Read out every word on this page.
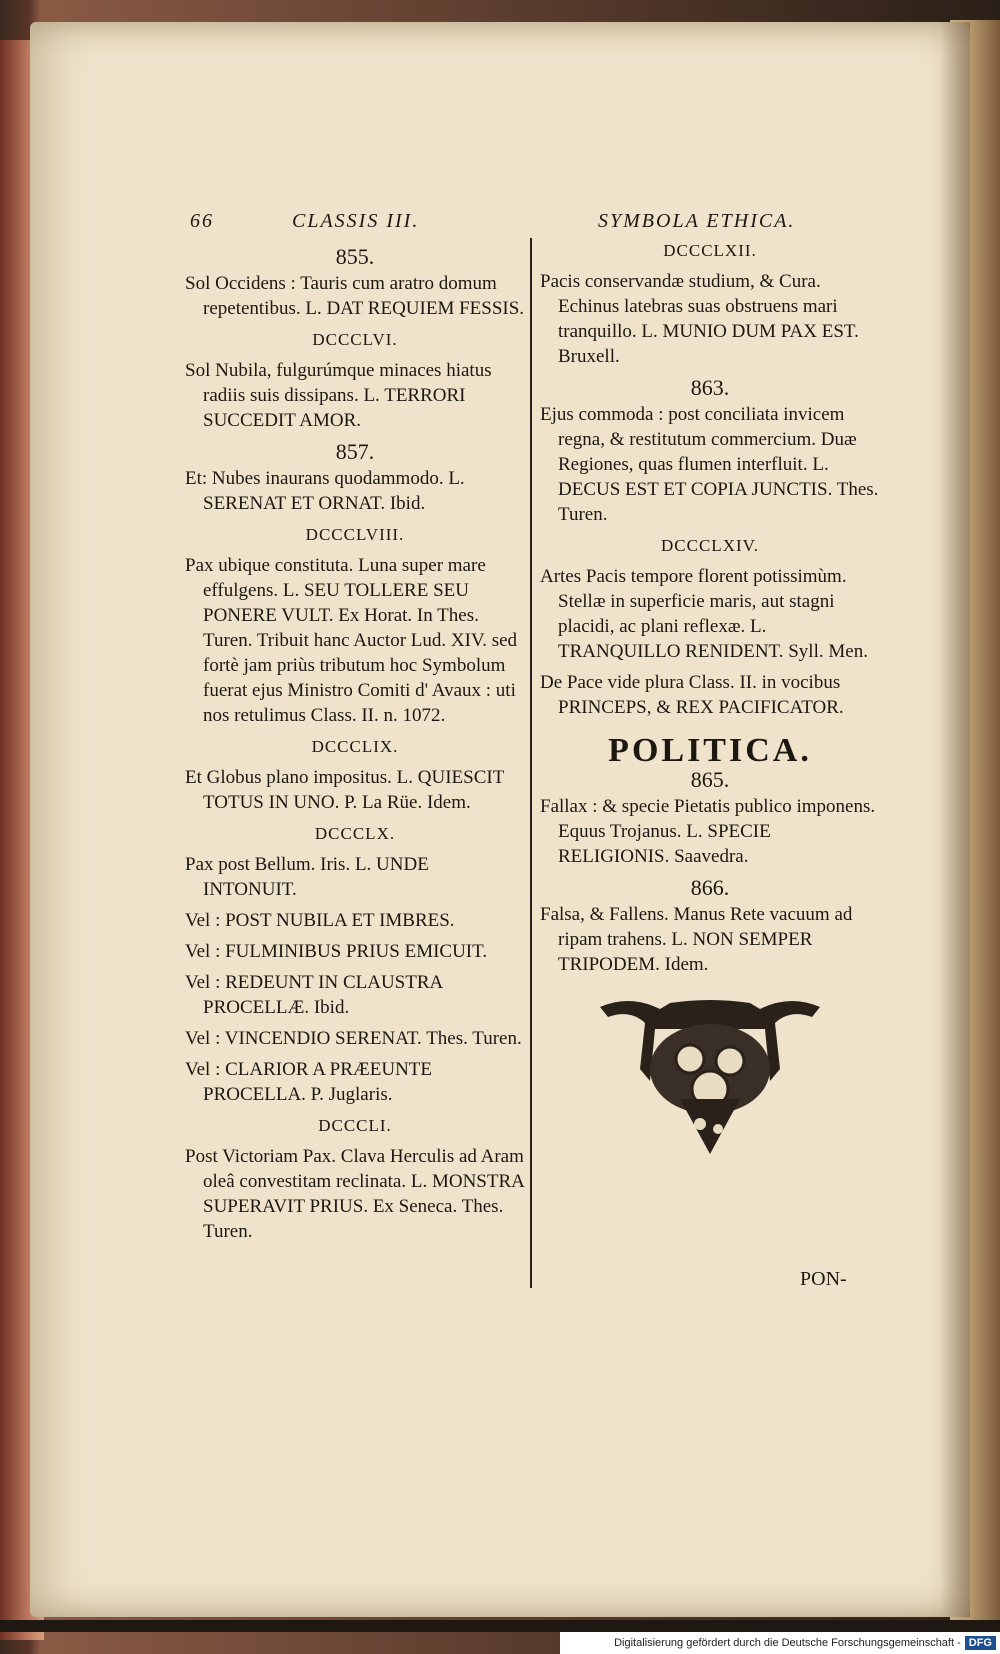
66	CLASSIS III.	SYMBOLA ETHICA.
855.
Sol Occidens : Tauris cum aratro domum repetentibus. L. DAT REQUIEM FESSIS.
DCCCLVI.
Sol Nubila, fulgurúmque minaces hiatus radiis suis dissipans. L. TERRORI SUCCEDIT AMOR.
857.
Et: Nubes inaurans quodammodo. L. SERENAT ET ORNAT. Ibid.
DCCCLVIII.
Pax ubique constituta. Luna super mare effulgens. L. SEU TOLLERE SEU PONERE VULT. Ex Horat. In Thes. Turen. Tribuit hanc Auctor Lud. XIV. sed fortè jam priùs tributum hoc Symbolum fuerat ejus Ministro Comiti d' Avaux : uti nos retulimus Class. II. n. 1072.
DCCCLIX.
Et Globus plano impositus. L. QUIESCIT TOTUS IN UNO. P. La Rüe. Idem.
DCCCLX.
Pax post Bellum. Iris. L. UNDE INTONUIT.
Vel : POST NUBILA ET IMBRES.
Vel : FULMINIBUS PRIUS EMICUIT.
Vel : REDEUNT IN CLAUSTRA PROCELLÆ. Ibid.
Vel : VINCENDIO SERENAT. Thes. Turen.
Vel : CLARIOR A PRÆEUNTE PROCELLA. P. Juglaris.
DCCCLI.
Post Victoriam Pax. Clava Herculis ad Aram oleâ convestitam reclinata. L. MONSTRA SUPERAVIT PRIUS. Ex Seneca. Thes. Turen.
DCCCLXII.
Pacis conservandæ studium, & Cura. Echinus latebras suas obstruens mari tranquillo. L. MUNIO DUM PAX EST. Bruxell.
863.
Ejus commoda : post conciliata invicem regna, & restitutum commercium. Duæ Regiones, quas flumen interfluit. L. DECUS EST ET COPIA JUNCTIS. Thes. Turen.
DCCCLXIV.
Artes Pacis tempore florent potissimùm. Stellæ in superficie maris, aut stagni placidi, ac plani reflexæ. L. TRANQUILLO RENIDENT. Syll. Men.
De Pace vide plura Class. II. in vocibus PRINCEPS, & REX PACIFICATOR.
POLITICA.
865.
Fallax : & specie Pietatis publico imponens. Equus Trojanus. L. SPECIE RELIGIONIS. Saavedra.
866.
Falsa, & Fallens. Manus Rete vacuum ad ripam trahens. L. NON SEMPER TRIPODEM. Idem.
PON-
Digitalisierung gefördert durch die Deutsche Forschungsgemeinschaft - DFG
